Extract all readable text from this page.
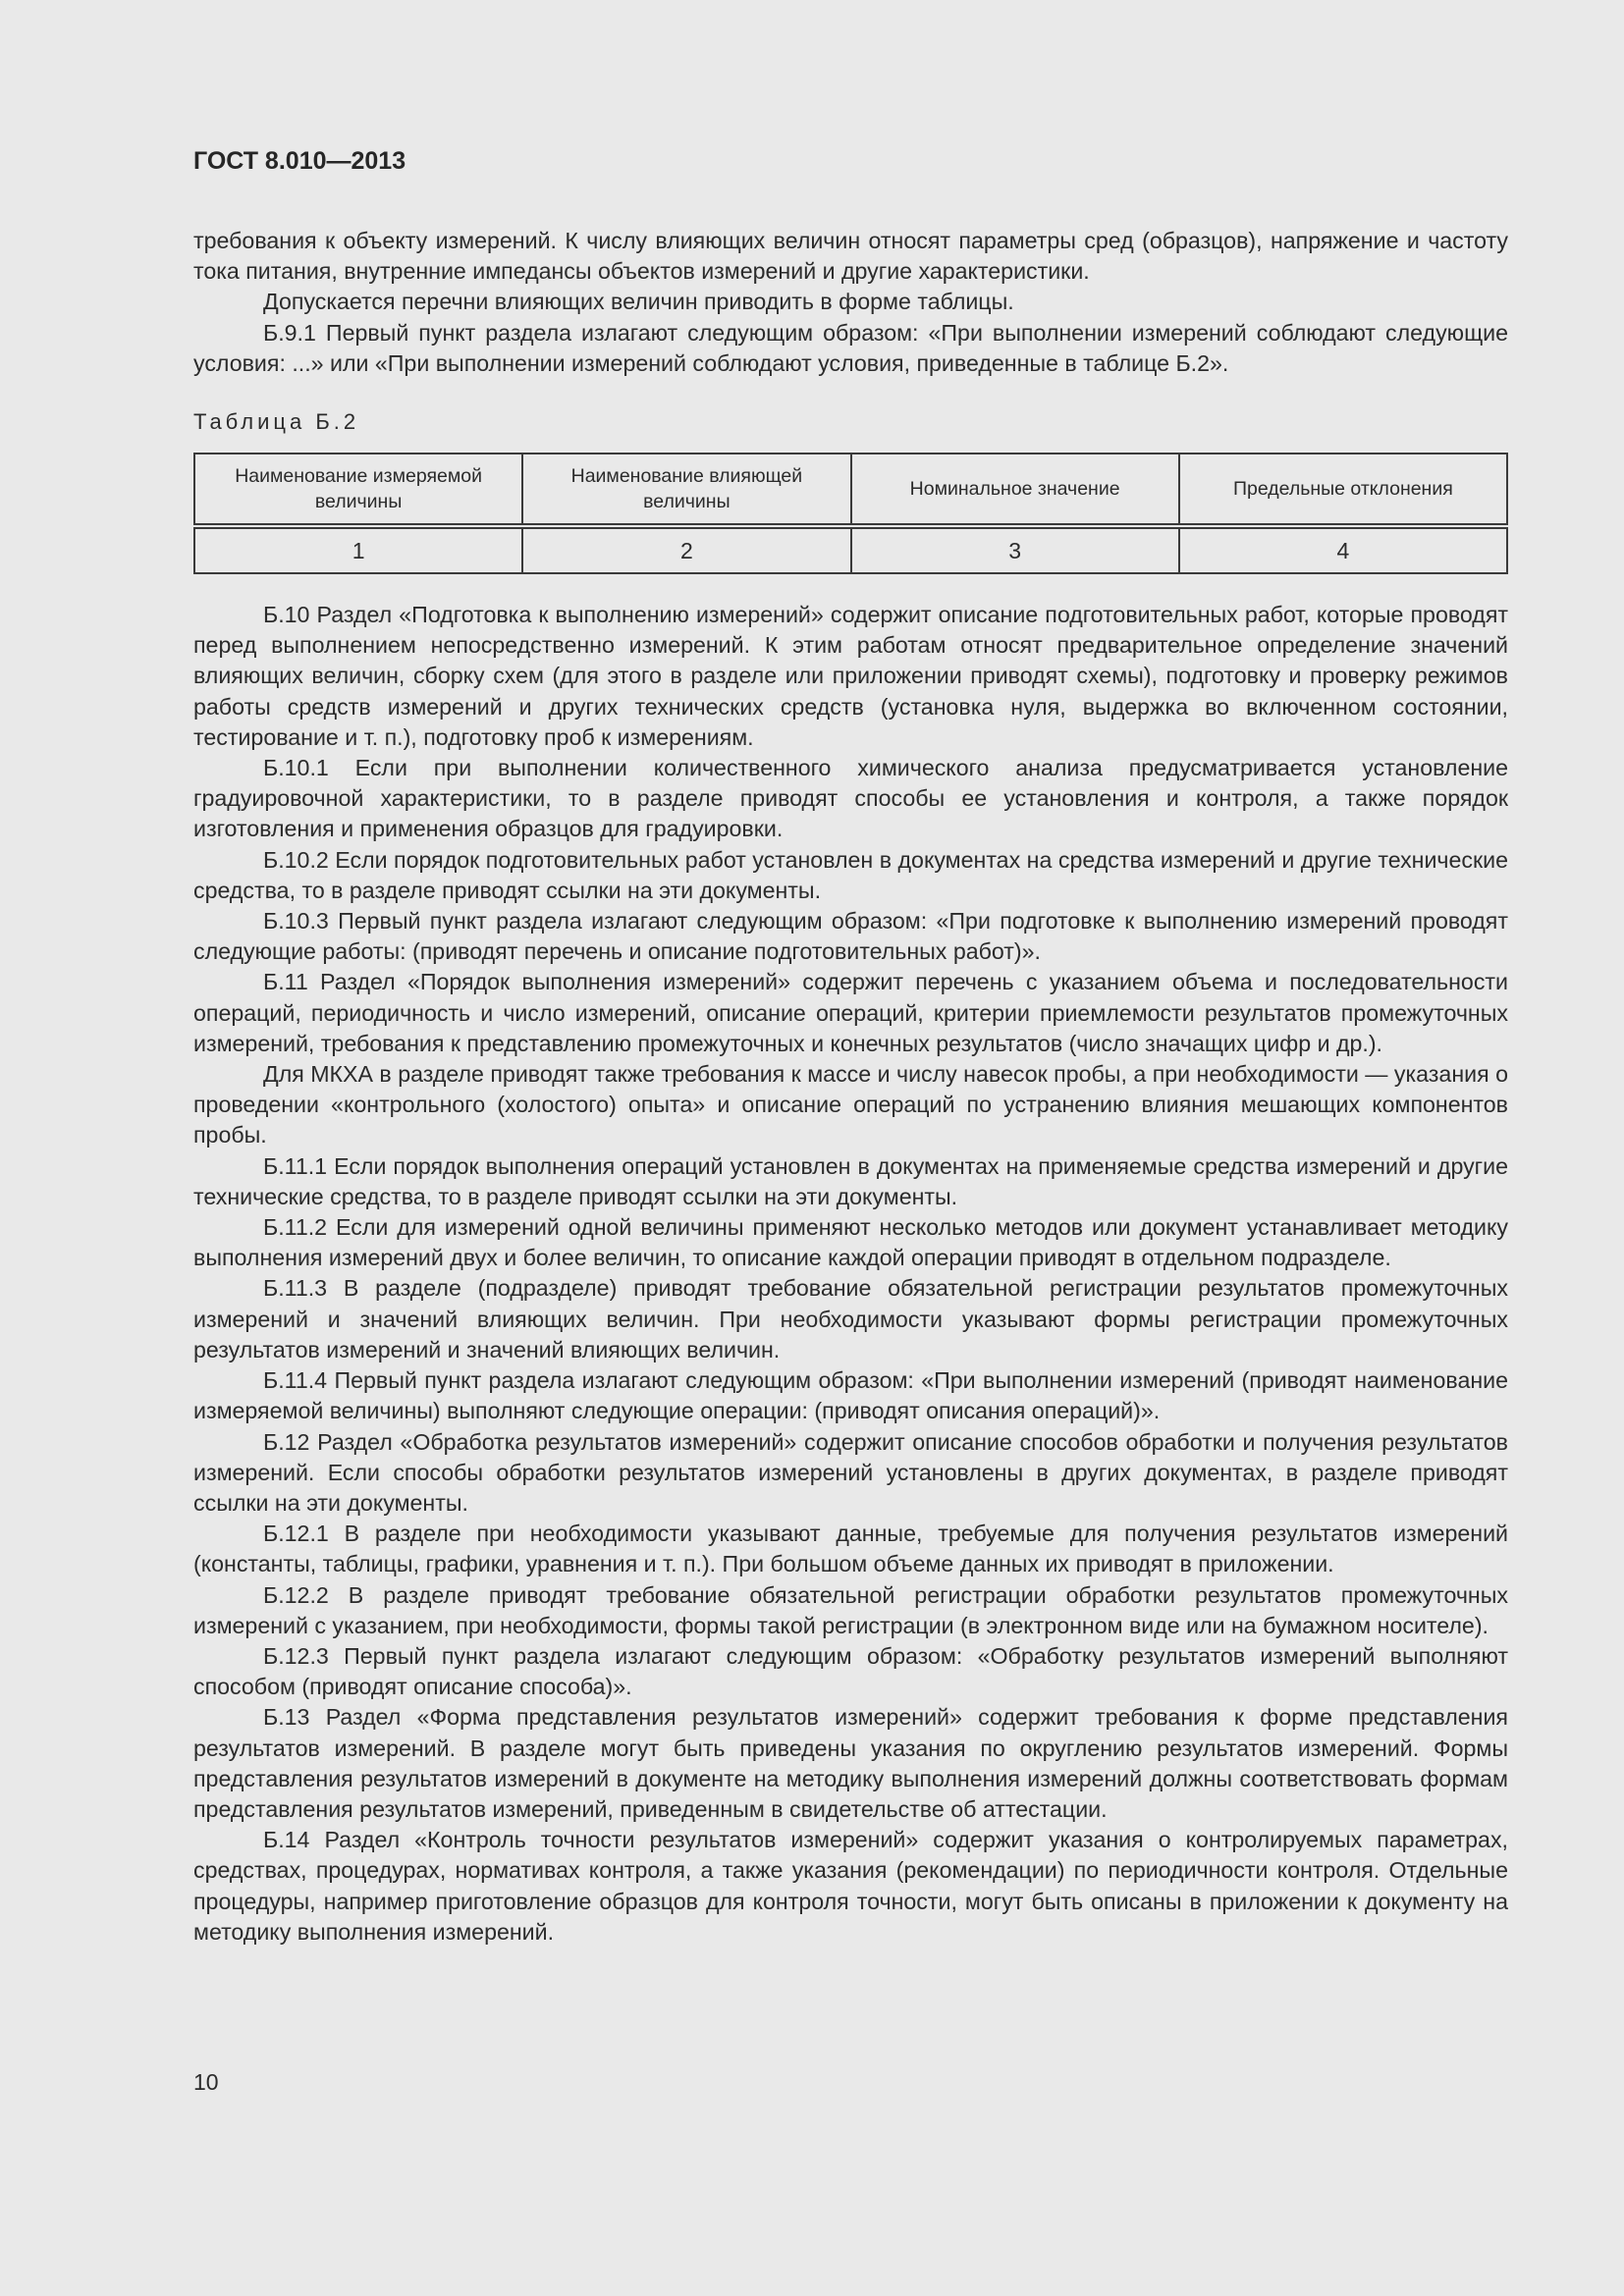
ГОСТ 8.010—2013

требования к объекту измерений. К числу влияющих величин относят параметры сред (образцов), напряжение и частоту тока питания, внутренние импедансы объектов измерений и другие характеристики.

Допускается перечни влияющих величин приводить в форме таблицы.

Б.9.1 Первый пункт раздела излагают следующим образом: «При выполнении измерений соблюдают следующие условия: ...» или «При выполнении измерений соблюдают условия, приведенные в таблице Б.2».

Таблица Б.2

Наименование измеряемой величины	Наименование влияющей величины	Номинальное значение	Предельные отклонения
1	2	3	4

Б.10 Раздел «Подготовка к выполнению измерений» содержит описание подготовительных работ, которые проводят перед выполнением непосредственно измерений. К этим работам относят предварительное определение значений влияющих величин, сборку схем (для этого в разделе или приложении приводят схемы), подготовку и проверку режимов работы средств измерений и других технических средств (установка нуля, выдержка во включенном состоянии, тестирование и т. п.), подготовку проб к измерениям.

Б.10.1 Если при выполнении количественного химического анализа предусматривается установление градуировочной характеристики, то в разделе приводят способы ее установления и контроля, а также порядок изготовления и применения образцов для градуировки.

Б.10.2 Если порядок подготовительных работ установлен в документах на средства измерений и другие технические средства, то в разделе приводят ссылки на эти документы.

Б.10.3 Первый пункт раздела излагают следующим образом: «При подготовке к выполнению измерений проводят следующие работы: (приводят перечень и описание подготовительных работ)».

Б.11 Раздел «Порядок выполнения измерений» содержит перечень с указанием объема и последовательности операций, периодичность и число измерений, описание операций, критерии приемлемости результатов промежуточных измерений, требования к представлению промежуточных и конечных результатов (число значащих цифр и др.).

Для МКХА в разделе приводят также требования к массе и числу навесок пробы, а при необходимости — указания о проведении «контрольного (холостого) опыта» и описание операций по устранению влияния мешающих компонентов пробы.

Б.11.1 Если порядок выполнения операций установлен в документах на применяемые средства измерений и другие технические средства, то в разделе приводят ссылки на эти документы.

Б.11.2 Если для измерений одной величины применяют несколько методов или документ устанавливает методику выполнения измерений двух и более величин, то описание каждой операции приводят в отдельном подразделе.

Б.11.3 В разделе (подразделе) приводят требование обязательной регистрации результатов промежуточных измерений и значений влияющих величин. При необходимости указывают формы регистрации промежуточных результатов измерений и значений влияющих величин.

Б.11.4 Первый пункт раздела излагают следующим образом: «При выполнении измерений (приводят наименование измеряемой величины) выполняют следующие операции: (приводят описания операций)».

Б.12 Раздел «Обработка результатов измерений» содержит описание способов обработки и получения результатов измерений. Если способы обработки результатов измерений установлены в других документах, в разделе приводят ссылки на эти документы.

Б.12.1 В разделе при необходимости указывают данные, требуемые для получения результатов измерений (константы, таблицы, графики, уравнения и т. п.). При большом объеме данных их приводят в приложении.

Б.12.2 В разделе приводят требование обязательной регистрации обработки результатов промежуточных измерений с указанием, при необходимости, формы такой регистрации (в электронном виде или на бумажном носителе).

Б.12.3 Первый пункт раздела излагают следующим образом: «Обработку результатов измерений выполняют способом (приводят описание способа)».

Б.13 Раздел «Форма представления результатов измерений» содержит требования к форме представления результатов измерений. В разделе могут быть приведены указания по округлению результатов измерений. Формы представления результатов измерений в документе на методику выполнения измерений должны соответствовать формам представления результатов измерений, приведенным в свидетельстве об аттестации.

Б.14 Раздел «Контроль точности результатов измерений» содержит указания о контролируемых параметрах, средствах, процедурах, нормативах контроля, а также указания (рекомендации) по периодичности контроля. Отдельные процедуры, например приготовление образцов для контроля точности, могут быть описаны в приложении к документу на методику выполнения измерений.

10
